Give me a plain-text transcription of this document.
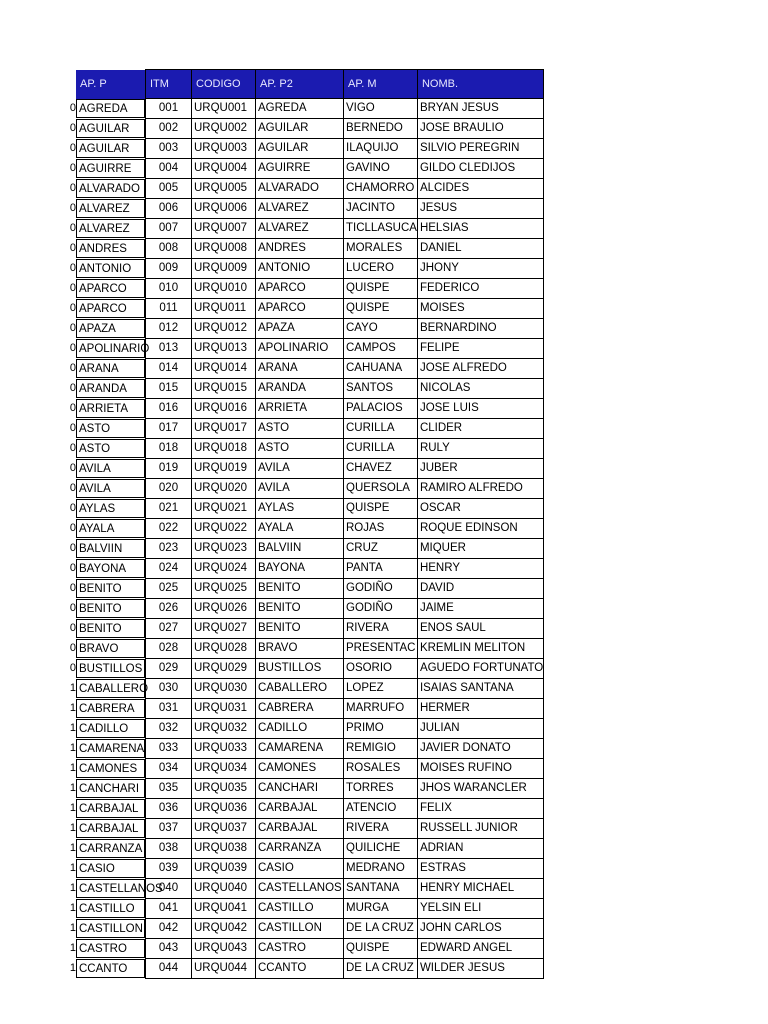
AP. P	ITM	CODIGO	AP. P2	AP. M	NOMB.
0 AGREDA	001	URQU001	AGREDA	VIGO	BRYAN JESUS
0 AGUILAR	002	URQU002	AGUILAR	BERNEDO	JOSE BRAULIO
0 AGUILAR	003	URQU003	AGUILAR	ILAQUIJO	SILVIO PEREGRIN
0 AGUIRRE	004	URQU004	AGUIRRE	GAVINO	GILDO CLEDIJOS
0 ALVARADO	005	URQU005	ALVARADO	CHAMORRO	ALCIDES
0 ALVAREZ	006	URQU006	ALVAREZ	JACINTO	JESUS
0 ALVAREZ	007	URQU007	ALVAREZ	TICLLASUCA	HELSIAS
0 ANDRES	008	URQU008	ANDRES	MORALES	DANIEL
0 ANTONIO	009	URQU009	ANTONIO	LUCERO	JHONY
0 APARCO	010	URQU010	APARCO	QUISPE	FEDERICO
0 APARCO	011	URQU011	APARCO	QUISPE	MOISES
0 APAZA	012	URQU012	APAZA	CAYO	BERNARDINO
0 APOLINARIO	013	URQU013	APOLINARIO	CAMPOS	FELIPE
0 ARANA	014	URQU014	ARANA	CAHUANA	JOSE ALFREDO
0 ARANDA	015	URQU015	ARANDA	SANTOS	NICOLAS
0 ARRIETA	016	URQU016	ARRIETA	PALACIOS	JOSE LUIS
0 ASTO	017	URQU017	ASTO	CURILLA	CLIDER
0 ASTO	018	URQU018	ASTO	CURILLA	RULY
0 AVILA	019	URQU019	AVILA	CHAVEZ	JUBER
0 AVILA	020	URQU020	AVILA	QUERSOLA	RAMIRO ALFREDO
0 AYLAS	021	URQU021	AYLAS	QUISPE	OSCAR
0 AYALA	022	URQU022	AYALA	ROJAS	ROQUE EDINSON
0 BALVIIN	023	URQU023	BALVIIN	CRUZ	MIQUER
0 BAYONA	024	URQU024	BAYONA	PANTA	HENRY
0 BENITO	025	URQU025	BENITO	GODIÑO	DAVID
0 BENITO	026	URQU026	BENITO	GODIÑO	JAIME
0 BENITO	027	URQU027	BENITO	RIVERA	ENOS SAUL
0 BRAVO	028	URQU028	BRAVO	PRESENTAC	KREMLIN MELITON
0 BUSTILLOS	029	URQU029	BUSTILLOS	OSORIO	AGUEDO FORTUNATO
1 CABALLERO	030	URQU030	CABALLERO	LOPEZ	ISAIAS SANTANA
1 CABRERA	031	URQU031	CABRERA	MARRUFO	HERMER
1 CADILLO	032	URQU032	CADILLO	PRIMO	JULIAN
1 CAMARENA	033	URQU033	CAMARENA	REMIGIO	JAVIER DONATO
1 CAMONES	034	URQU034	CAMONES	ROSALES	MOISES RUFINO
1 CANCHARI	035	URQU035	CANCHARI	TORRES	JHOS WARANCLER
1 CARBAJAL	036	URQU036	CARBAJAL	ATENCIO	FELIX
1 CARBAJAL	037	URQU037	CARBAJAL	RIVERA	RUSSELL JUNIOR
1 CARRANZA	038	URQU038	CARRANZA	QUILICHE	ADRIAN
1 CASIO	039	URQU039	CASIO	MEDRANO	ESTRAS
1 CASTELLANOS	040	URQU040	CASTELLANOS	SANTANA	HENRY MICHAEL
1 CASTILLO	041	URQU041	CASTILLO	MURGA	YELSIN ELI
1 CASTILLON	042	URQU042	CASTILLON	DE LA CRUZ	JOHN CARLOS
1 CASTRO	043	URQU043	CASTRO	QUISPE	EDWARD ANGEL
1 CCANTO	044	URQU044	CCANTO	DE LA CRUZ	WILDER JESUS
